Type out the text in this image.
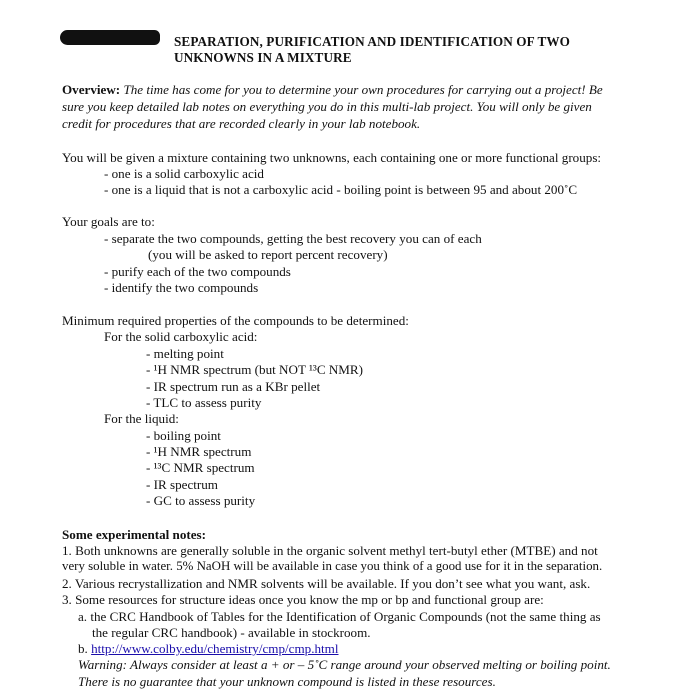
SEPARATION, PURIFICATION AND IDENTIFICATION OF TWO
UNKNOWNS IN A MIXTURE
Overview: The time has come for you to determine your own procedures for carrying out a project! Be
sure you keep detailed lab notes on everything you do in this multi-lab project. You will only be given
credit for procedures that are recorded clearly in your lab notebook.
You will be given a mixture containing two unknowns, each containing one or more functional groups:
- one is a solid carboxylic acid
- one is a liquid that is not a carboxylic acid - boiling point is between 95 and about 200˚C
Your goals are to:
- separate the two compounds, getting the best recovery you can of each
(you will be asked to report percent recovery)
- purify each of the two compounds
- identify the two compounds
Minimum required properties of the compounds to be determined:
For the solid carboxylic acid:
- melting point
- ¹H NMR spectrum (but NOT ¹³C NMR)
- IR spectrum run as a KBr pellet
- TLC to assess purity
For the liquid:
- boiling point
- ¹H NMR spectrum
- ¹³C NMR spectrum
- IR spectrum
- GC to assess purity
Some experimental notes:
1. Both unknowns are generally soluble in the organic solvent methyl tert-butyl ether (MTBE) and not
very soluble in water. 5% NaOH will be available in case you think of a good use for it in the separation.
2. Various recrystallization and NMR solvents will be available. If you don’t see what you want, ask.
3. Some resources for structure ideas once you know the mp or bp and functional group are:
a. the CRC Handbook of Tables for the Identification of Organic Compounds (not the same thing as
the regular CRC handbook) - available in stockroom.
b. http://www.colby.edu/chemistry/cmp/cmp.html
Warning: Always consider at least a + or – 5˚C range around your observed melting or boiling point.
There is no guarantee that your unknown compound is listed in these resources.
